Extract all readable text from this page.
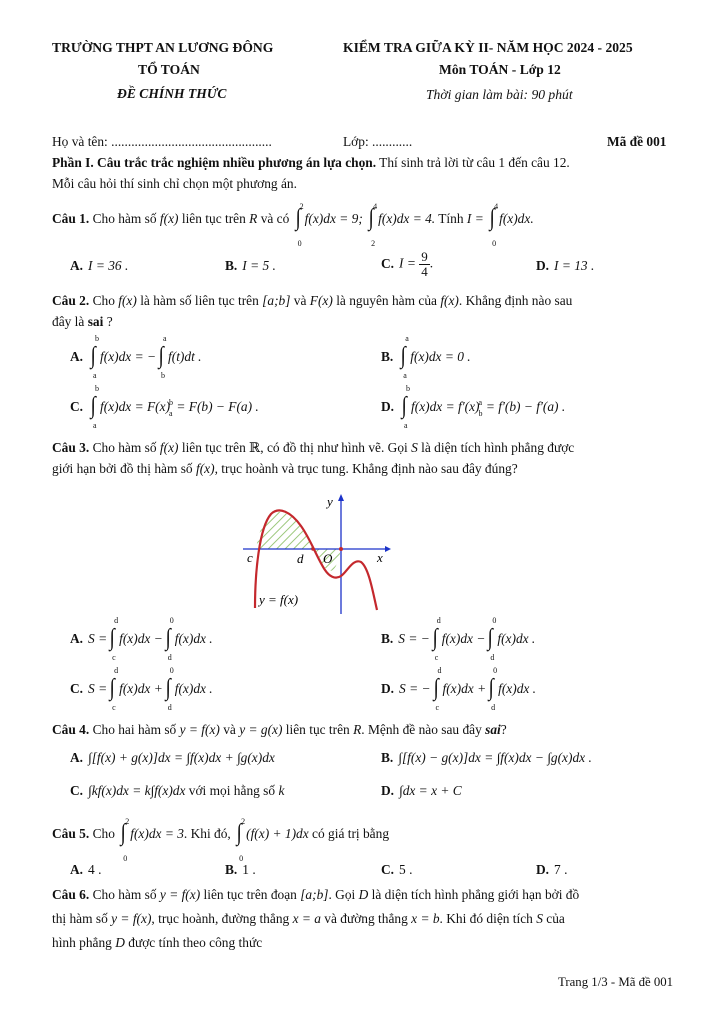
TRƯỜNG THPT AN LƯƠNG ĐÔNG
TỔ TOÁN
ĐỀ CHÍNH THỨC
KIỂM TRA GIỮA KỲ II- NĂM HỌC 2024 - 2025
Môn TOÁN - Lớp 12
Thời gian làm bài: 90 phút
Họ và tên: ................................................	Lớp: ............	Mã đề 001
Phần I. Câu trắc trắc nghiệm nhiều phương án lựa chọn. Thí sinh trả lời từ câu 1 đến câu 12.
Mỗi câu hỏi thí sinh chỉ chọn một phương án.
Câu 1. Cho hàm số f(x) liên tục trên R và có ∫ 2
0
f(x)dx = 9; ∫ 4
2
f(x)dx = 4. Tính I = ∫ 4
0
f(x)dx.
A. I = 36 .	B. I = 5 .	C. $I = \frac{9}{4}$ .	D. I = 13 .
Câu 2. Cho f(x) là hàm số liên tục trên [a;b] và F(x) là nguyên hàm của f(x). Khẳng định nào sau
đây là sai ?
A. ∫
b
a
f(x)dx = − ∫
a
b
f(t)dt .	B. ∫
a
a
f(x)dx = 0 .
C. ∫
b
a
f(x)dx = F(x)b
a = F(b) − F(a) .	D. ∫
b
a
f(x)dx = f′(x)a
b = f′(b) − f′(a) .
Câu 3. Cho hàm số f(x) liên tục trên ℝ, có đồ thị như hình vẽ. Gọi S là diện tích hình phẳng được
giới hạn bởi đồ thị hàm số f(x), trục hoành và trục tung. Khẳng định nào sau đây đúng?
y
x
c	d O
y = f(x)
A. S = ∫
d
c
f(x)dx − ∫
0
d
f(x)dx .	B. S = − ∫
d
c
f(x)dx − ∫
0
d
f(x)dx .
C. S = ∫
d
c
f(x)dx + ∫
0
d
f(x)dx .	D. S = − ∫
d
c
f(x)dx + ∫
0
d
f(x)dx .
Câu 4. Cho hai hàm số y = f(x) và y = g(x) liên tục trên R. Mệnh đề nào sau đây sai?
A. ∫[f(x) + g(x)]dx = ∫f(x)dx + ∫g(x)dx	B. ∫[f(x) − g(x)]dx = ∫f(x)dx − ∫g(x)dx .
C. ∫kf(x)dx = k∫f(x)dx với mọi hằng số k	D. ∫dx = x + C
Câu 5. Cho ∫ 2
0
f(x)dx = 3. Khi đó, ∫ 2
0
(f(x) + 1)dx có giá trị bằng
A. 4 .	B. 1 .	C. 5 .	D. 7 .
Câu 6. Cho hàm số y = f(x) liên tục trên đoạn [a;b]. Gọi D là diện tích hình phẳng giới hạn bởi đồ
thị hàm số y = f(x), trục hoành, đường thẳng x = a và đường thẳng x = b. Khi đó diện tích S của
hình phẳng D được tính theo công thức
Trang 1/3 - Mã đề 001
